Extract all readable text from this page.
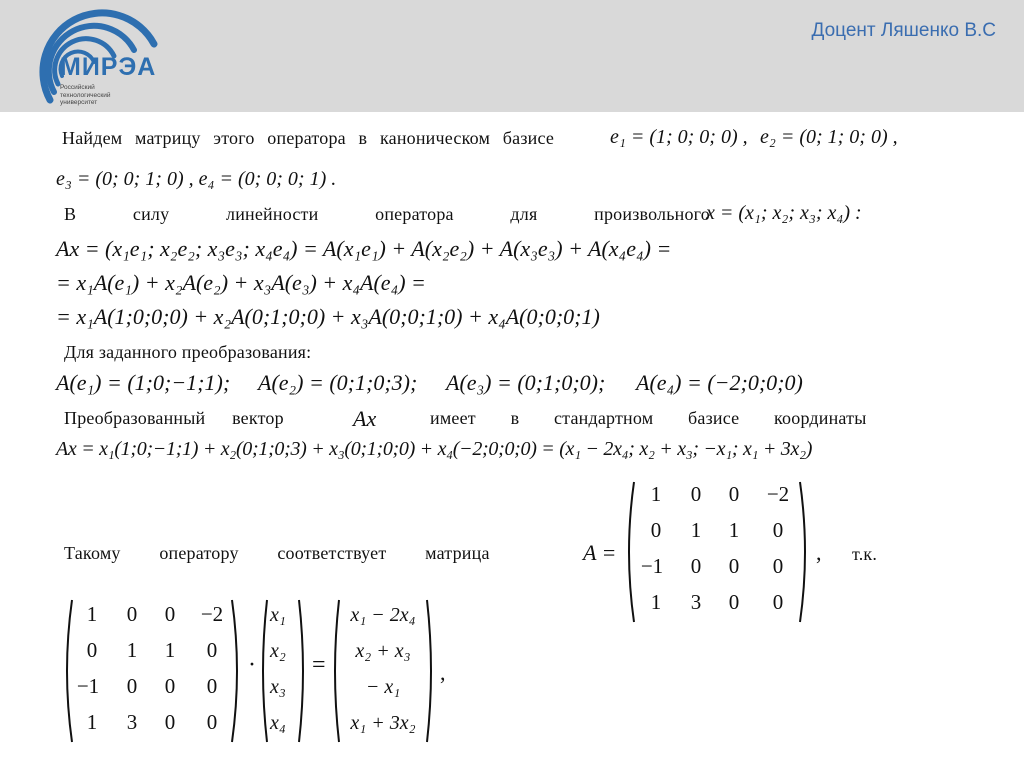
МИРЭА
Российский
технологический
университет
Доцент Ляшенко В.С
Найдем матрицу этого оператора в каноническом базисе	e₁ = (1; 0; 0; 0) , e₂ = (0; 1; 0; 0) ,
e₃ = (0; 0; 1; 0) , e₄ = (0; 0; 0; 1) .
В силу линейности оператора для произвольного
x = (x₁; x₂; x₃; x₄) :
Ax = (x₁e₁; x₂e₂; x₃e₃; x₄e₄) = A(x₁e₁) + A(x₂e₂) + A(x₃e₃) + A(x₄e₄) =
= x₁A(e₁) + x₂A(e₂) + x₃A(e₃) + x₄A(e₄) =
= x₁A(1;0;0;0) + x₂A(0;1;0;0) + x₃A(0;0;1;0) + x₄A(0;0;0;1)
Для заданного преобразования:
A(e₁) = (1;0;−1;1); A(e₂) = (0;1;0;3); A(e₃) = (0;1;0;0); A(e₄) = (−2;0;0;0)
Преобразованный вектор	Ax	имеет в стандартном базисе координаты
Ax = x₁(1;0;−1;1) + x₂(0;1;0;3) + x₃(0;1;0;0) + x₄(−2;0;0;0) = (x₁ − 2x₄; x₂ + x₃; −x₁; x₁ + 3x₂)
Такому оператору соответствует матрица	A =
1	0	0	−2
0	1	1	0
−1	0	0	0
1	3	0	0
, т.к.
1	0	0	−2
0	1	1	0
−1	0	0	0
1	3	0	0
·
x₁
x₂
x₃
x₄
=
x₁ − 2x₄
x₂ + x₃
− x₁
x₁ + 3x₂
,
